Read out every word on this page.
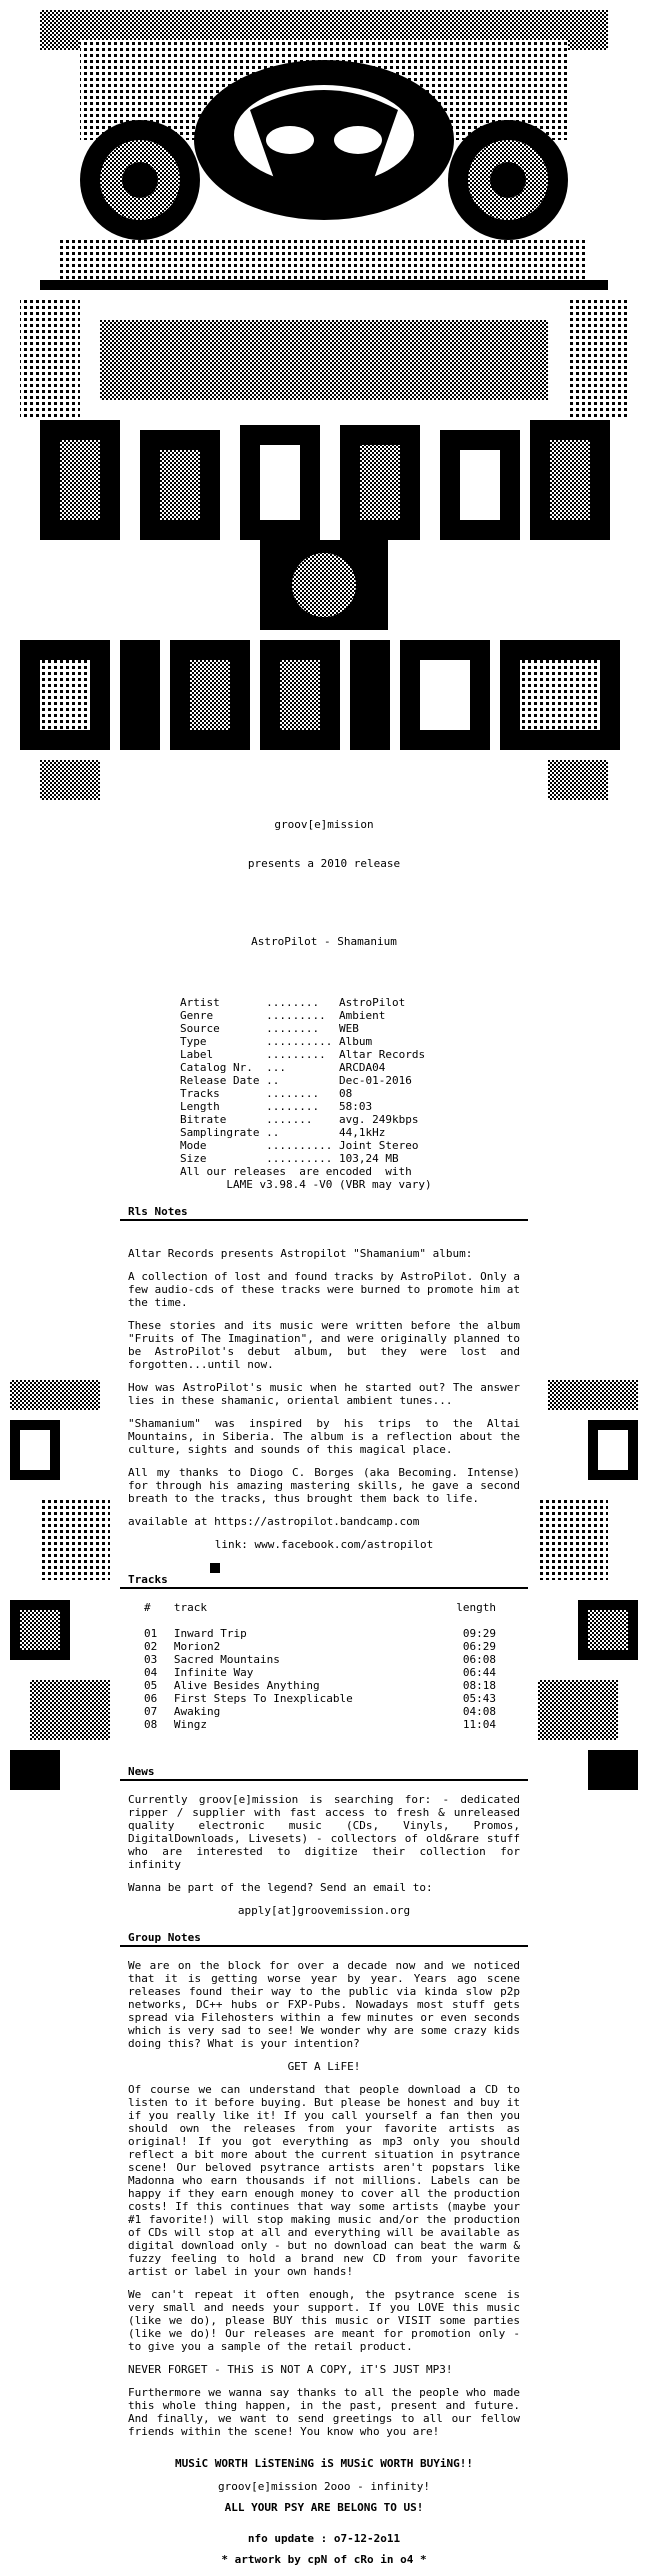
groov[e]mission

presents a 2010 release

AstroPilot - Shamanium

Artist	........	AstroPilot
Genre	.........	Ambient
Source	........	WEB
Type	..........	Album
Label	.........	Altar Records
Catalog Nr.	...	ARCDA04
Release Date	..	Dec-01-2016
Tracks	........	08
Length	........	58:03
Bitrate	.......	avg. 249kbps
Samplingrate	..	44,1kHz
Mode	..........	Joint Stereo
Size	..........	103,24 MB
All our releases  are encoded  with
LAME v3.98.4 -V0 (VBR may vary)
Rls Notes
Altar Records presents Astropilot "Shamanium" album:
A collection of lost and found tracks by AstroPilot. Only a few audio-cds of these tracks were burned to promote him at the time.
These stories and its music were written before the album "Fruits of The Imagination", and were originally planned to be AstroPilot's debut album, but they were lost and forgotten...until now.
How was AstroPilot's music when he started out? The answer lies in these shamanic, oriental ambient tunes...
"Shamanium" was inspired by his trips to the Altai Mountains, in Siberia. The album is a reflection about the culture, sights and sounds of this magical place.
All my thanks to Diogo C. Borges (aka Becoming. Intense) for through his amazing mastering skills, he gave a second breath to the tracks, thus brought them back to life.
available at https://astropilot.bandcamp.com
link: www.facebook.com/astropilot
Tracks
#	track	length

01	Inward Trip	09:29
02	Morion2	06:29
03	Sacred Mountains	06:08
04	Infinite Way	06:44
05	Alive Besides Anything	08:18
06	First Steps To Inexplicable	05:43
07	Awaking	04:08
08	Wingz	11:04
News
Currently groov[e]mission is searching for: - dedicated ripper / supplier with fast access to fresh & unreleased quality electronic music (CDs, Vinyls, Promos, DigitalDownloads, Livesets) - collectors of old&rare stuff who are interested to digitize their collection for infinity
Wanna be part of the legend? Send an email to:
apply[at]groovemission.org
Group Notes
We are on the block for over a decade now and we noticed that it is getting worse year by year. Years ago scene releases found their way to the public via kinda slow p2p networks, DC++ hubs or FXP-Pubs. Nowadays most stuff gets spread via Filehosters within a few minutes or even seconds which is very sad to see! We wonder why are some crazy kids doing this? What is your intention?
GET A LiFE!
Of course we can understand that people download a CD to listen to it before buying. But please be honest and buy it if you really like it! If you call yourself a fan then you should own the releases from your favorite artists as original! If you got everything as mp3 only you should reflect a bit more about the current situation in psytrance scene! Our beloved psytrance artists aren't popstars like Madonna who earn thousands if not millions. Labels can be happy if they earn enough money to cover all the production costs! If this continues that way some artists (maybe your #1 favorite!) will stop making music and/or the production of CDs will stop at all and everything will be available as digital download only - but no download can beat the warm & fuzzy feeling to hold a brand new CD from your favorite artist or label in your own hands!
We can't repeat it often enough, the psytrance scene is very small and needs your support. If you LOVE this music (like we do), please BUY this music or VISIT some parties (like we do)! Our releases are meant for promotion only - to give you a sample of the retail product.
NEVER FORGET - THiS iS NOT A COPY, iT'S JUST MP3!
Furthermore we wanna say thanks to all the people who made this whole thing happen, in the past, present and future. And finally, we want to send greetings to all our fellow friends within the scene! You know who you are!
MUSiC WORTH LiSTENiNG iS MUSiC WORTH BUYiNG!!
groov[e]mission 2ooo - infinity!
ALL YOUR PSY ARE BELONG TO US!
nfo update : o7-12-2o11
* artwork by cpN of cRo in o4 *
